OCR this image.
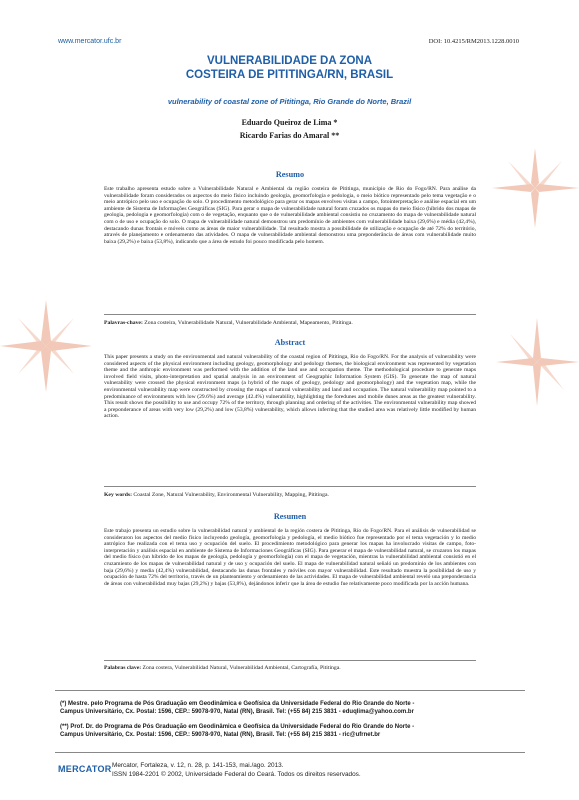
www.mercator.ufc.br	DOI: 10.4215/RM2013.1228.0010
VULNERABILIDADE DA ZONA
COSTEIRA DE PITITINGA/RN, BRASIL
vulnerability of coastal zone of Pititinga, Rio Grande do Norte, Brazil
Eduardo Queiroz de Lima *
Ricardo Farias do Amaral **
Resumo

Este trabalho apresenta estudo sobre a Vulnerabilidade Natural e Ambiental da região costeira de Pititinga, município de Rio do Fogo/RN. Para análise da vulnerabilidade foram considerados os aspectos do meio físico incluindo geologia, geomorfologia e pedologia, o meio biótico representado pelo tema vegetação e o meio antrópico pelo uso e ocupação do solo. O procedimento metodológico para gerar os mapas envolveu visitas a campo, fotointerpretação e análise espacial em um ambiente de Sistema de Informações Geográficas (SIG). Para gerar o mapa de vulnerabilidade natural foram cruzados os mapas do meio físico (híbrido dos mapas de geologia, pedologia e geomorfologia) com o de vegetação, enquanto que o de vulnerabilidade ambiental consistiu no cruzamento do mapa de vulnerabilidade natural com o de uso e ocupação do solo. O mapa de vulnerabilidade natural demonstrou um predomínio de ambientes com vulnerabilidade baixa (29,6%) e média (42,4%), destacando dunas frontais e móveis como as áreas de maior vulnerabilidade. Tal resultado mostra a possibilidade de utilização e ocupação de até 72% do território, através de planejamento e ordenamento das atividades. O mapa de vulnerabilidade ambiental demonstrou uma preponderância de áreas com vulnerabilidade muito baixa (29,2%) e baixa (53,8%), indicando que a área de estudo foi pouco modificada pelo homem.

Palavras-chave: Zona costeira, Vulnerabilidade Natural, Vulnerabilidade Ambiental, Mapeamento, Pititinga.
Abstract

This paper presents a study on the environmental and natural vulnerability of the coastal region of Pititinga, Rio do Fogo/RN. For the analysis of vulnerability were considered aspects of the physical environment including geology, geomorphology and pedology themes, the biological environment was represented by vegetation theme and the anthropic environment was performed with the addition of the land use and occupation theme. The methodological procedure to generate maps involved field visits, photo-interpretation and spatial analysis in an environment of Geographic Information System (GIS). To generate the map of natural vulnerability were crossed the physical environment maps (a hybrid of the maps of geology, pedology and geomorphology) and the vegetation map, while the environmental vulnerability map were constructed by crossing the maps of natural vulnerability and land and occupation. The natural vulnerability map pointed to a predominance of environments with low (29.6%) and average (42.4%) vulnerability, highlighting the foredunes and mobile dunes areas as the greatest vulnerability. This result shows the possibility to use and occupy 72% of the territory, through planning and ordering of the activities. The environmental vulnerability map showed a preponderance of areas with very low (29,2%) and low (53,8%) vulnerability, which allows inferring that the studied area was relatively little modified by human action.

Key words: Coastal Zone, Natural Vulnerability, Environmental Vulnerability, Mapping, Pititinga.
Resumen

Este trabajo presenta un estudio sobre la vulnerabilidad natural y ambiental de la región costera de Pititinga, Río do Fogo/RN. Para el análisis de vulnerabilidad se consideraron los aspectos del medio físico incluyendo geología, geomorfología y pedología, el medio biótico fue representado por el tema vegetación y lo medio antrópico fue realizada con el tema uso y ocupación del suelo. El procedimiento metodológico para generar los mapas ha involucrado visitas de campo, foto-interpretación y análisis espacial en ambiente de Sistema de Informaciones Geográficas (SIG). Para generar el mapa de vulnerabilidad natural, se cruzaron los mapas del medio físico (un híbrido de los mapas de geología, pedología y geomorfología) con el mapa de vegetación, mientras la vulnerabilidad ambiental consistió en el cruzamiento de los mapas de vulnerabilidad natural y de uso y ocupación del suelo. El mapa de vulnerabilidad natural señaló un predominio de los ambientes con baja (29,6%) y media (42,4%) vulnerabilidad, destacando las dunas frontales y móviles con mayor vulnerabilidad. Este resultado muestra la posibilidad de uso y ocupación de hasta 72% del territorio, través de un planteamiento y ordenamiento de las actividades. El mapa de vulnerabilidad ambiental reveló una preponderancia de áreas con vulnerabilidad muy bajas (29,2%) y bajas (53,8%), dejándonos inferir que la área de estudio fue relativamente poco modificada por la acción humana.

Palabras clave: Zona costera, Vulnerabilidad Natural, Vulnerabilidad Ambiental, Cartografía, Pititinga.
(*) Mestre. pelo Programa de Pós Graduação em Geodinâmica e Geofísica da Universidade Federal do Rio Grande do Norte -
Campus Universitário, Cx. Postal: 1596, CEP.: 59078-970, Natal (RN), Brasil. Tel: (+55 84) 215 3831 - eduqlima@yahoo.com.br
(**) Prof. Dr. do Programa de Pós Graduação em Geodinâmica e Geofísica da Universidade Federal do Rio Grande do Norte -
Campus Universitário, Cx. Postal: 1596, CEP.: 59078-970, Natal (RN), Brasil. Tel: (+55 84) 215 3831 - ric@ufrnet.br
MERCATOR Mercator, Fortaleza, v. 12, n. 28, p. 141-153, mai./ago. 2013.
ISSN 1984-2201 © 2002, Universidade Federal do Ceará. Todos os direitos reservados.
